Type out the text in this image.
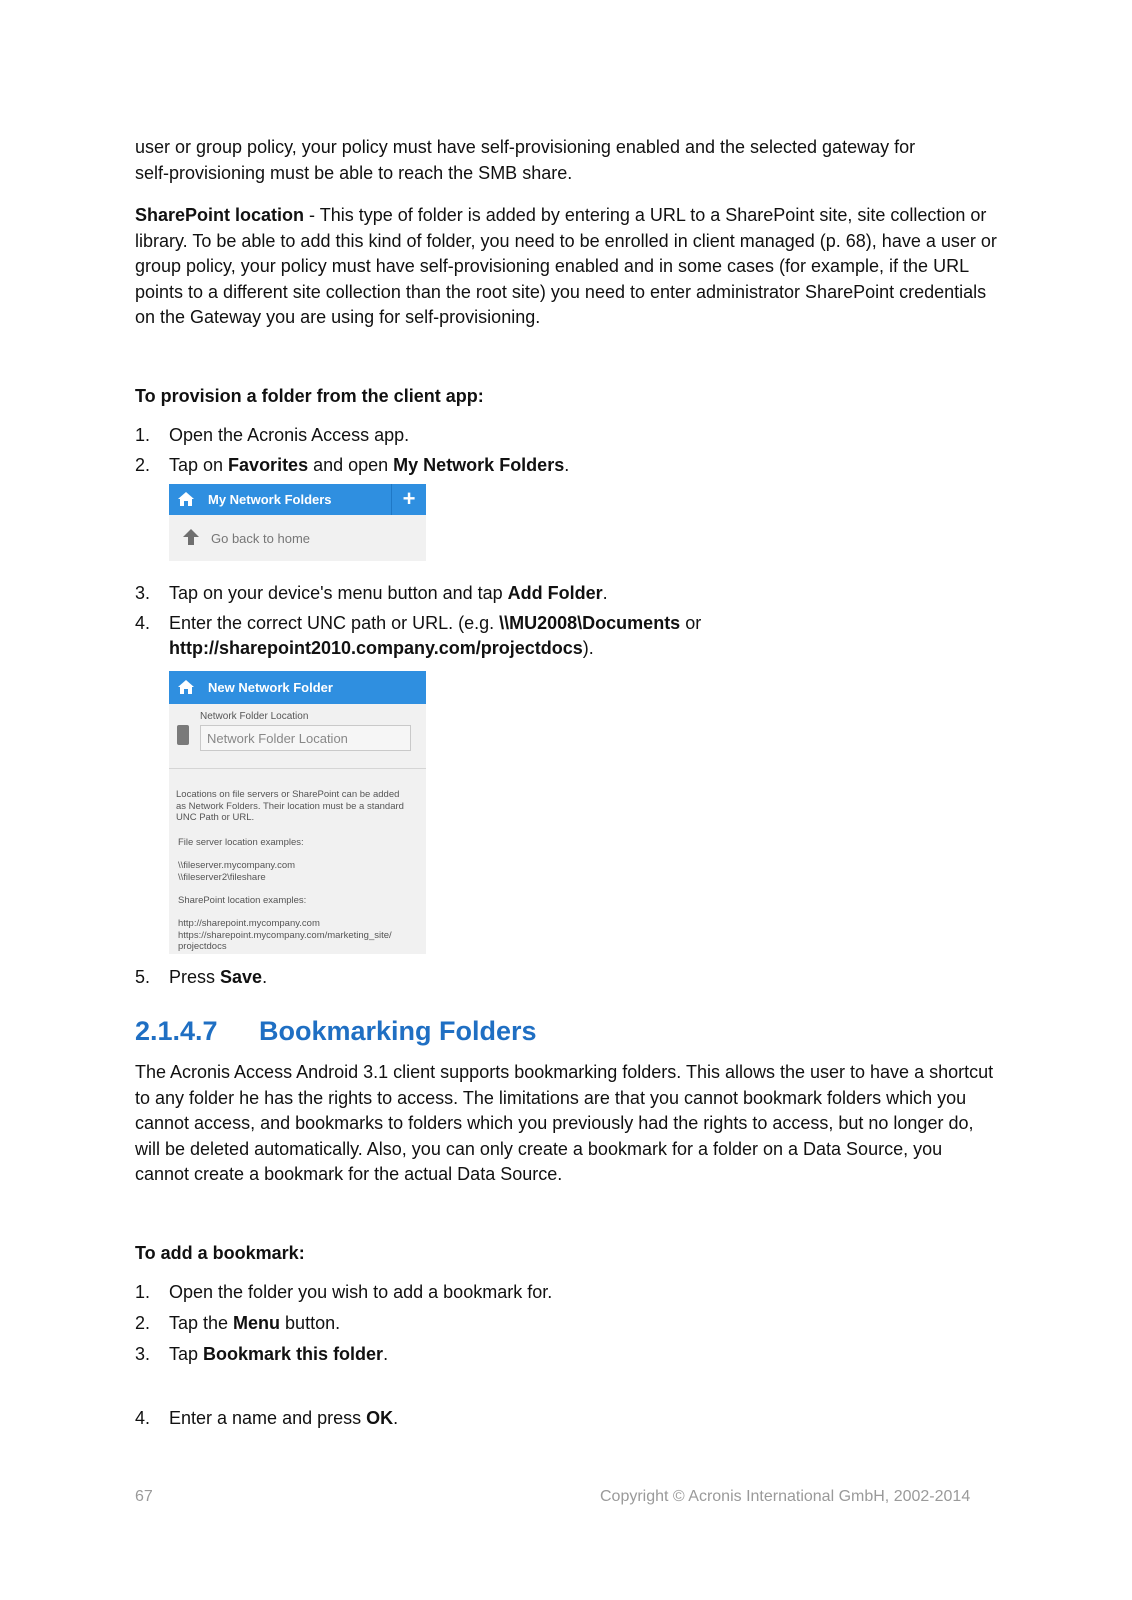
user or group policy, your policy must have self-provisioning enabled and the selected gateway for
self-provisioning must be able to reach the SMB share.

SharePoint location - This type of folder is added by entering a URL to a SharePoint site, site collection or library. To be able to add this kind of folder, you need to be enrolled in client managed (p. 68), have a user or group policy, your policy must have self-provisioning enabled and in some cases (for example, if the URL points to a different site collection than the root site) you need to enter administrator SharePoint credentials on the Gateway you are using for self-provisioning.

To provision a folder from the client app:

1. Open the Acronis Access app.
2. Tap on Favorites and open My Network Folders.
My Network Folders	+
Go back to home
3. Tap on your device's menu button and tap Add Folder.
4. Enter the correct UNC path or URL. (e.g. \\MU2008\Documents or
http://sharepoint2010.company.com/projectdocs).
New Network Folder
Network Folder Location
Network Folder Location

Locations on file servers or SharePoint can be added
as Network Folders. Their location must be a standard
UNC Path or URL.

File server location examples:

\\fileserver.mycompany.com
\\fileserver2\fileshare

SharePoint location examples:

http://sharepoint.mycompany.com
https://sharepoint.mycompany.com/marketing_site/
projectdocs

5. Press Save.
2.1.4.7 Bookmarking Folders

The Acronis Access Android 3.1 client supports bookmarking folders. This allows the user to have a shortcut to any folder he has the rights to access. The limitations are that you cannot bookmark folders which you cannot access, and bookmarks to folders which you previously had the rights to access, but no longer do, will be deleted automatically. Also, you can only create a bookmark for a folder on a Data Source, you cannot create a bookmark for the actual Data Source.

To add a bookmark:

1. Open the folder you wish to add a bookmark for.
2. Tap the Menu button.
3. Tap Bookmark this folder.
4. Enter a name and press OK.
67	Copyright © Acronis International GmbH, 2002-2014
